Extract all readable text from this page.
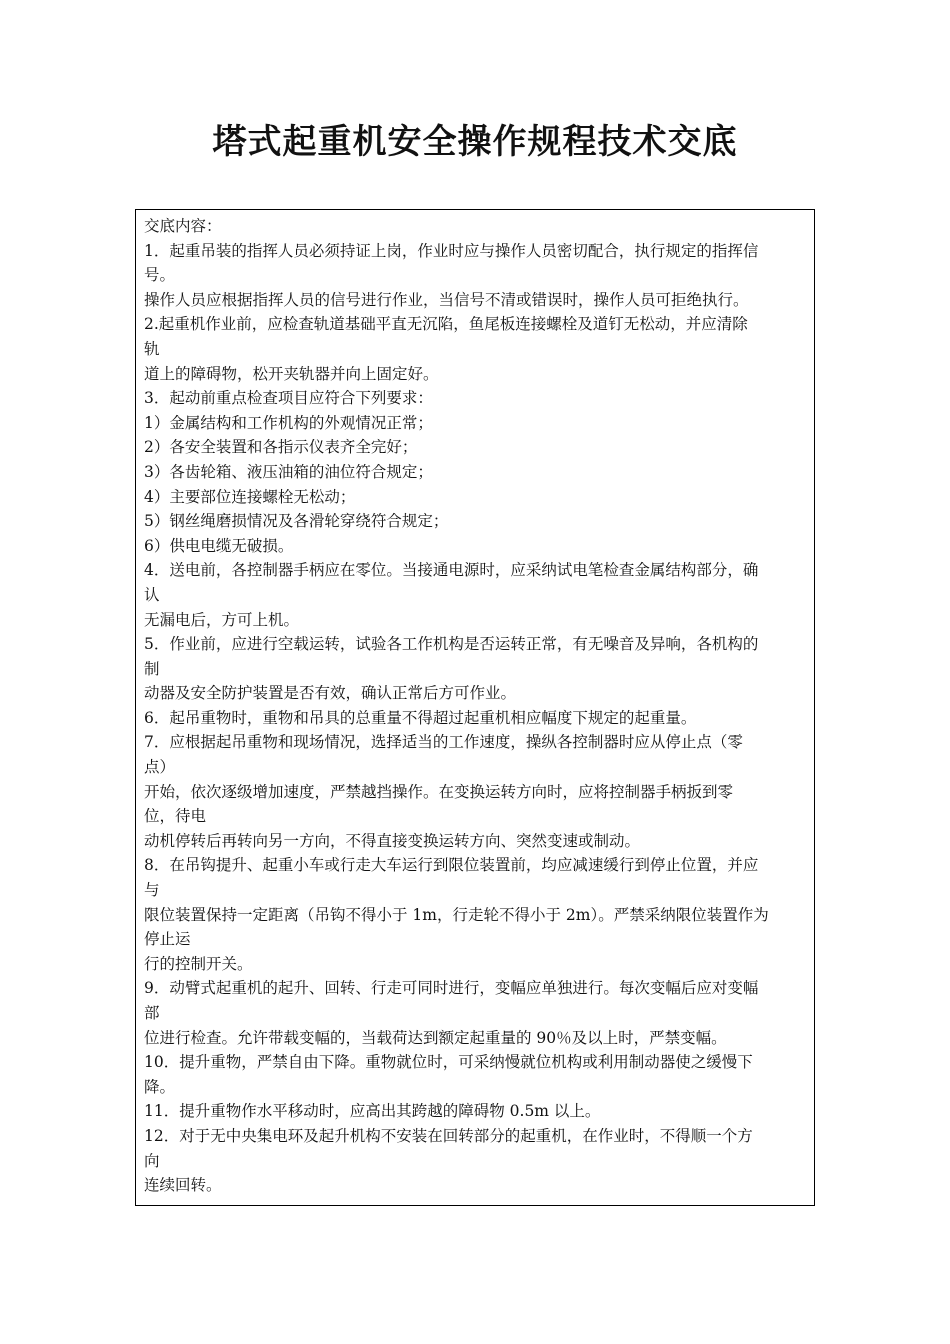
塔式起重机安全操作规程技术交底
交底内容：
1．起重吊装的指挥人员必须持证上岗，作业时应与操作人员密切配合，执行规定的指挥信
号。
操作人员应根据指挥人员的信号进行作业，当信号不清或错误时，操作人员可拒绝执行。
2.起重机作业前，应检查轨道基础平直无沉陷，鱼尾板连接螺栓及道钉无松动，并应清除
轨
道上的障碍物，松开夹轨器并向上固定好。
3．起动前重点检查项目应符合下列要求：
1）金属结构和工作机构的外观情况正常；
2）各安全装置和各指示仪表齐全完好；
3）各齿轮箱、液压油箱的油位符合规定；
4）主要部位连接螺栓无松动；
5）钢丝绳磨损情况及各滑轮穿绕符合规定；
6）供电电缆无破损。
4．送电前，各控制器手柄应在零位。当接通电源时，应采纳试电笔检查金属结构部分，确
认
无漏电后，方可上机。
5．作业前，应进行空载运转，试验各工作机构是否运转正常，有无噪音及异响，各机构的
制
动器及安全防护装置是否有效，确认正常后方可作业。
6．起吊重物时，重物和吊具的总重量不得超过起重机相应幅度下规定的起重量。
7．应根据起吊重物和现场情况，选择适当的工作速度，操纵各控制器时应从停止点（零
点）
开始，依次逐级增加速度，严禁越挡操作。在变换运转方向时，应将控制器手柄扳到零
位，待电
动机停转后再转向另一方向，不得直接变换运转方向、突然变速或制动。
8．在吊钩提升、起重小车或行走大车运行到限位装置前，均应减速缓行到停止位置，并应
与
限位装置保持一定距离（吊钩不得小于 1m，行走轮不得小于 2m）。严禁采纳限位装置作为
停止运
行的控制开关。
9．动臂式起重机的起升、回转、行走可同时进行，变幅应单独进行。每次变幅后应对变幅
部
位进行检查。允许带载变幅的，当载荷达到额定起重量的 90％及以上时，严禁变幅。
10．提升重物，严禁自由下降。重物就位时，可采纳慢就位机构或利用制动器使之缓慢下
降。
11．提升重物作水平移动时，应高出其跨越的障碍物 0.5m 以上。
12．对于无中央集电环及起升机构不安装在回转部分的起重机，在作业时，不得顺一个方
向
连续回转。
